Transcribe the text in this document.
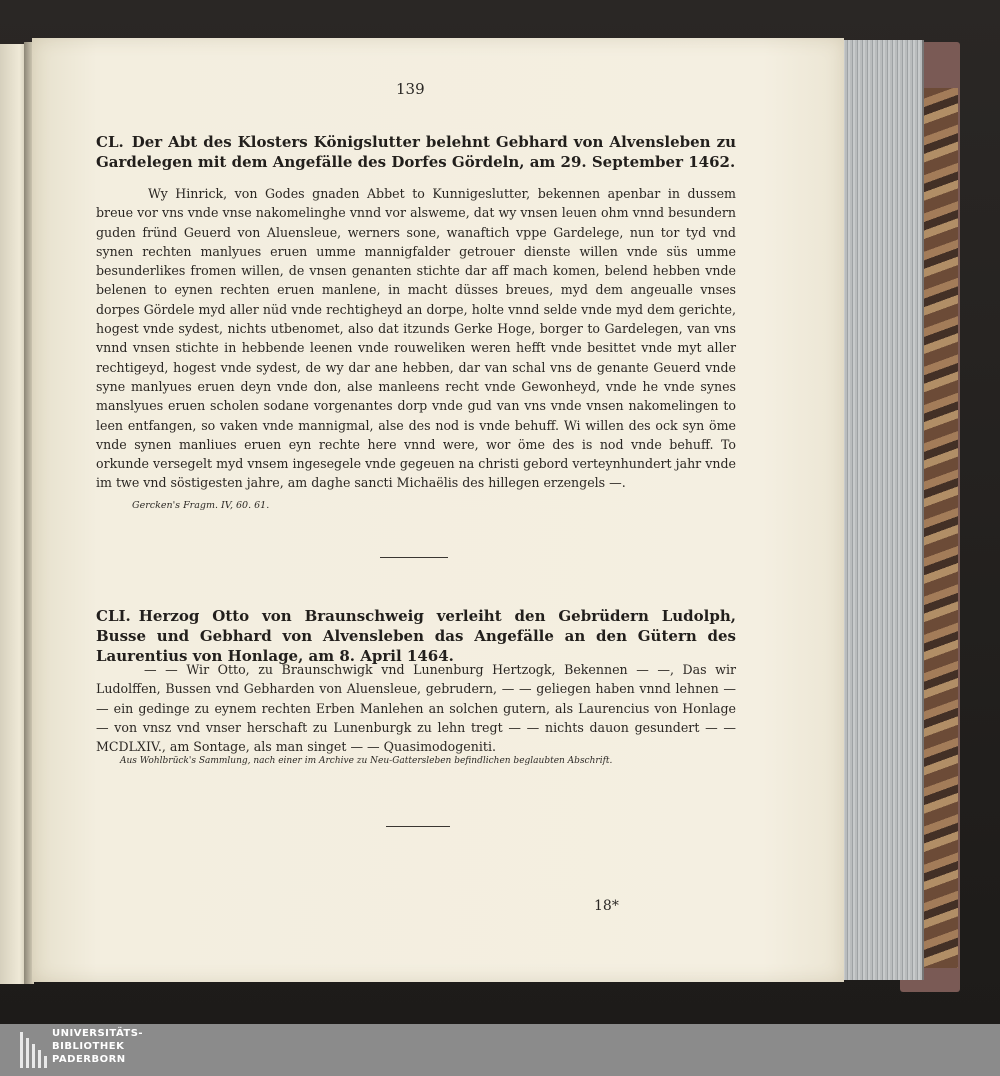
139
CL. Der Abt des Klosters Königslutter belehnt Gebhard von Alvensleben zu Gardelegen mit dem Angefälle des Dorfes Gördeln, am 29. September 1462.
Wy Hinrick, von Godes gnaden Abbet to Kunnigeslutter, bekennen apenbar in dussem breue vor vns vnde vnse nakomelinghe vnnd vor alsweme, dat wy vnsen leuen ohm vnnd besundern guden fründ Geuerd von Aluensleue, werners sone, wanaftich vppe Gardelege, nun tor tyd vnd synen rechten manlyues eruen umme mannigfalder getrouer dienste willen vnde süs umme besunderlikes fromen willen, de vnsen genanten stichte dar aff mach komen, belend hebben vnde belenen to eynen rechten eruen manlene, in macht düsses breues, myd dem angeualle vnses dorpes Gördele myd aller nüd vnde rechtigheyd an dorpe, holte vnnd selde vnde myd dem gerichte, hogest vnde sydest, nichts utbenomet, also dat itzunds Gerke Hoge, borger to Gardelegen, van vns vnnd vnsen stichte in hebbende leenen vnde rouweliken weren hefft vnde besittet vnde myt aller rechtigeyd, hogest vnde sydest, de wy dar ane hebben, dar van schal vns de genante Geuerd vnde syne manlyues eruen deyn vnde don, alse manleens recht vnde Gewonheyd, vnde he vnde synes manslyues eruen scholen sodane vorgenantes dorp vnde gud van vns vnde vnsen nakomelingen to leen entfangen, so vaken vnde mannigmal, alse des nod is vnde behuff. Wi willen des ock syn öme vnde synen manliues eruen eyn rechte here vnnd were, wor öme des is nod vnde behuff. To orkunde versegelt myd vnsem ingesegele vnde gegeuen na christi gebord verteynhundert jahr vnde im twe vnd söstigesten jahre, am daghe sancti Michaëlis des hillegen erzengels —.
Gercken's Fragm. IV, 60. 61.
CLI. Herzog Otto von Braunschweig verleiht den Gebrüdern Ludolph, Busse und Gebhard von Alvensleben das Angefälle an den Gütern des Laurentius von Honlage, am 8. April 1464.
— — Wir Otto, zu Braunschwigk vnd Lunenburg Hertzogk, Bekennen — —, Das wir Ludolffen, Bussen vnd Gebharden von Aluensleue, gebrudern, — — geliegen haben vnnd lehnen — — ein gedinge zu eynem rechten Erben Manlehen an solchen gutern, als Laurencius von Honlage — von vnsz vnd vnser herschaft zu Lunenburgk zu lehn tregt — — nichts dauon gesundert — — MCDLXIV., am Sontage, als man singet — — Quasimodogeniti.
Aus Wohlbrück's Sammlung, nach einer im Archive zu Neu-Gattersleben befindlichen beglaubten Abschrift.
18*
UNIVERSITÄTS-
BIBLIOTHEK
PADERBORN
